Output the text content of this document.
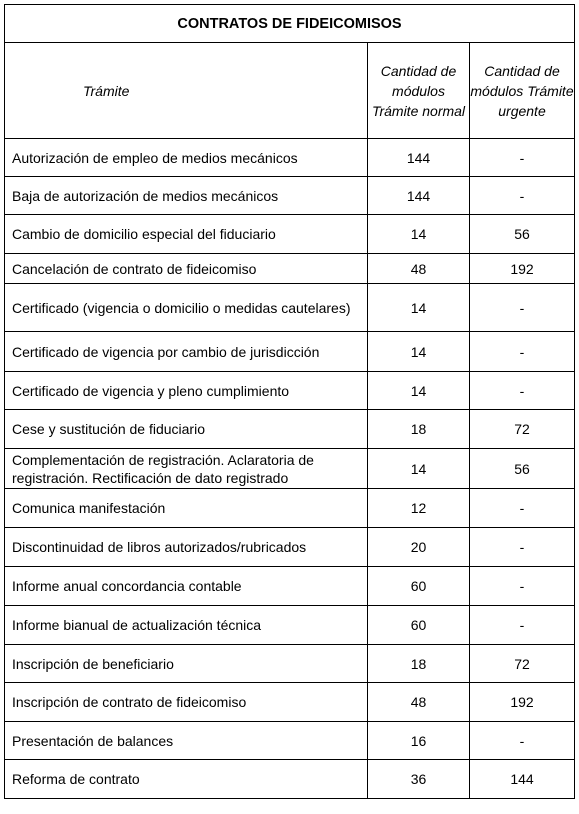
CONTRATOS DE FIDEICOMISOS		
Trámite	Cantidad de módulos Trámite normal	Cantidad de módulos Trámite urgente
Autorización de empleo de medios mecánicos	144	-
Baja de autorización de medios mecánicos	144	-
Cambio de domicilio especial del fiduciario	14	56
Cancelación de contrato de fideicomiso	48	192
Certificado (vigencia o domicilio o medidas cautelares)	14	-
Certificado de vigencia por cambio de jurisdicción	14	-
Certificado de vigencia y pleno cumplimiento	14	-
Cese y sustitución de fiduciario	18	72
Complementación de registración. Aclaratoria de registración. Rectificación de dato registrado	14	56
Comunica manifestación	12	-
Discontinuidad de libros autorizados/rubricados	20	-
Informe anual concordancia contable	60	-
Informe bianual de actualización técnica	60	-
Inscripción de beneficiario	18	72
Inscripción de contrato de fideicomiso	48	192
Presentación de balances	16	-
Reforma de contrato	36	144
